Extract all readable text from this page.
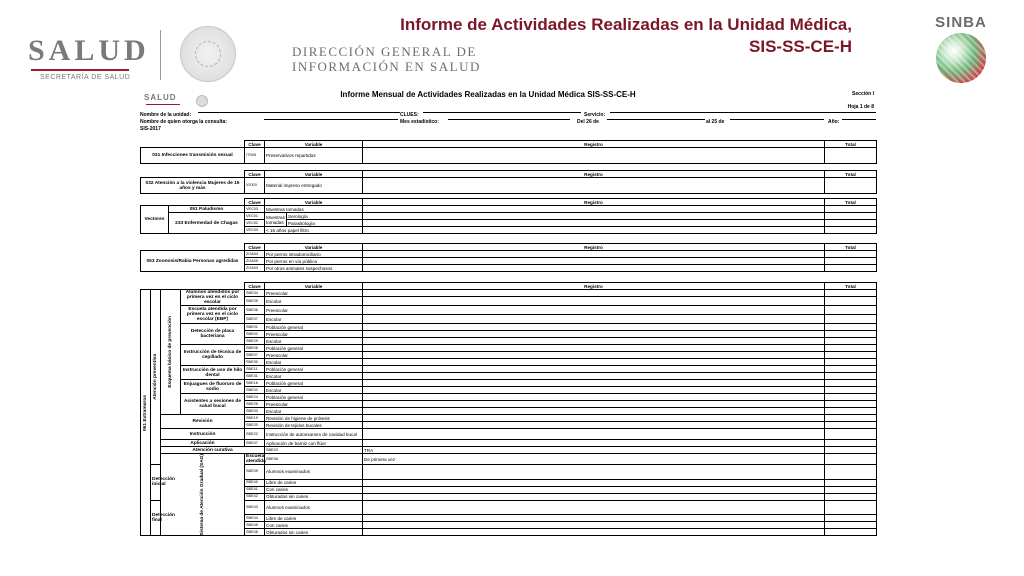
SALUD
SECRETARÍA DE SALUD
DIRECCIÓN GENERAL DE
INFORMACIÓN EN SALUD
Informe de Actividades Realizadas en la Unidad Médica,
SIS-SS-CE-H
SINBA
SALUD	Informe Mensual de Actividades Realizadas en la Unidad Médica SIS-SS-CE-H	Sección I
Hoja 1 de 8
Nombre de la unidad:	CLUES:	Servicio:
Nombre de quien otorga la consulta:	Mes estadístico:	Del 26 de	al 25 de	Año:
SIS-2017
	Clave	Variable	Registro	Total
031 Infecciones transmisión sexual	ITS05	Preservativos repartidos		
	Clave	Variable	Registro	Total
032 Atención a la violencia Mujeres de 15 años y más	VIO03	Material impreso entregado		
		Clave	Variable		Registro	Total
Vectores	051 Paludismo	VEC03	Muestras tomadas			
	233 Enfermedad de Chagas	VEC01	Muestras tomadas	Serología		
		VEC02		Parasitología		
		VEC03	< 15 años papel filtro			
	Clave	Variable	Registro	Total
053 Zoonosis/Rabia Personas agredidas	ZOA04	Por perros intradomiciliario		
	ZOA05	Por perros en vía pública		
	ZOA03	Por otros animales sospechosos		
				Clave	Variable	Registro	Total	

061 Extramuros	Atención preventiva	Esquema básico de prevención	Alumnos atendidos por primera vez en el ciclo escolar	SBE34	Preescolar			
				SBE35	Escolar			
			Escuela atendida por primera vez en el ciclo escolar (EBP)	SBE36	Preescolar			
				SBE37	Escolar			
			Detección de placa bacteriana	SBE01	Población general			
				SBE02	Preescolar			
				SBE29	Escolar			
			Instrucción de técnica de cepillado	SBE06	Población general			
				SBE07	Preescolar			
				SBE30	Escolar			
			Instrucción de uso de hilo dental	SBE11	Población general			
				SBE31	Escolar			
			Enjuagues de fluoruro de sodio	SBE16	Población general			
				SBE32	Escolar			
			Asistentes a sesiones de salud bucal	SBE24	Población general			
				SBE25	Preescolar			
				SBE33	Escolar			
		Revisión		SBE19	Revisión de higiene de prótesis			
				SBE20	Revisión de tejidos bucales			
		Instrucción		SBE22	Instrucción de autoexamen de cavidad bucal			
		Aplicación		SBE47	Aplicación de barniz con flúor			
		Atención curativa			SBE23	TRA		

		Sistema de Atención Gradual (SAG)		Escuela atendida	SBE38	De primera vez		
	Detección inicial			SBE39	Alumnos examinados			
				SBE40	Libre de caries			
				SBE41	Con caries			
				SBE42	Obturados sin caries			
	Detección final			SBE43	Alumnos examinados			
				SBE44	Libre de caries			
				SBE45	Con caries			
				SBE46	Obturados sin caries			
